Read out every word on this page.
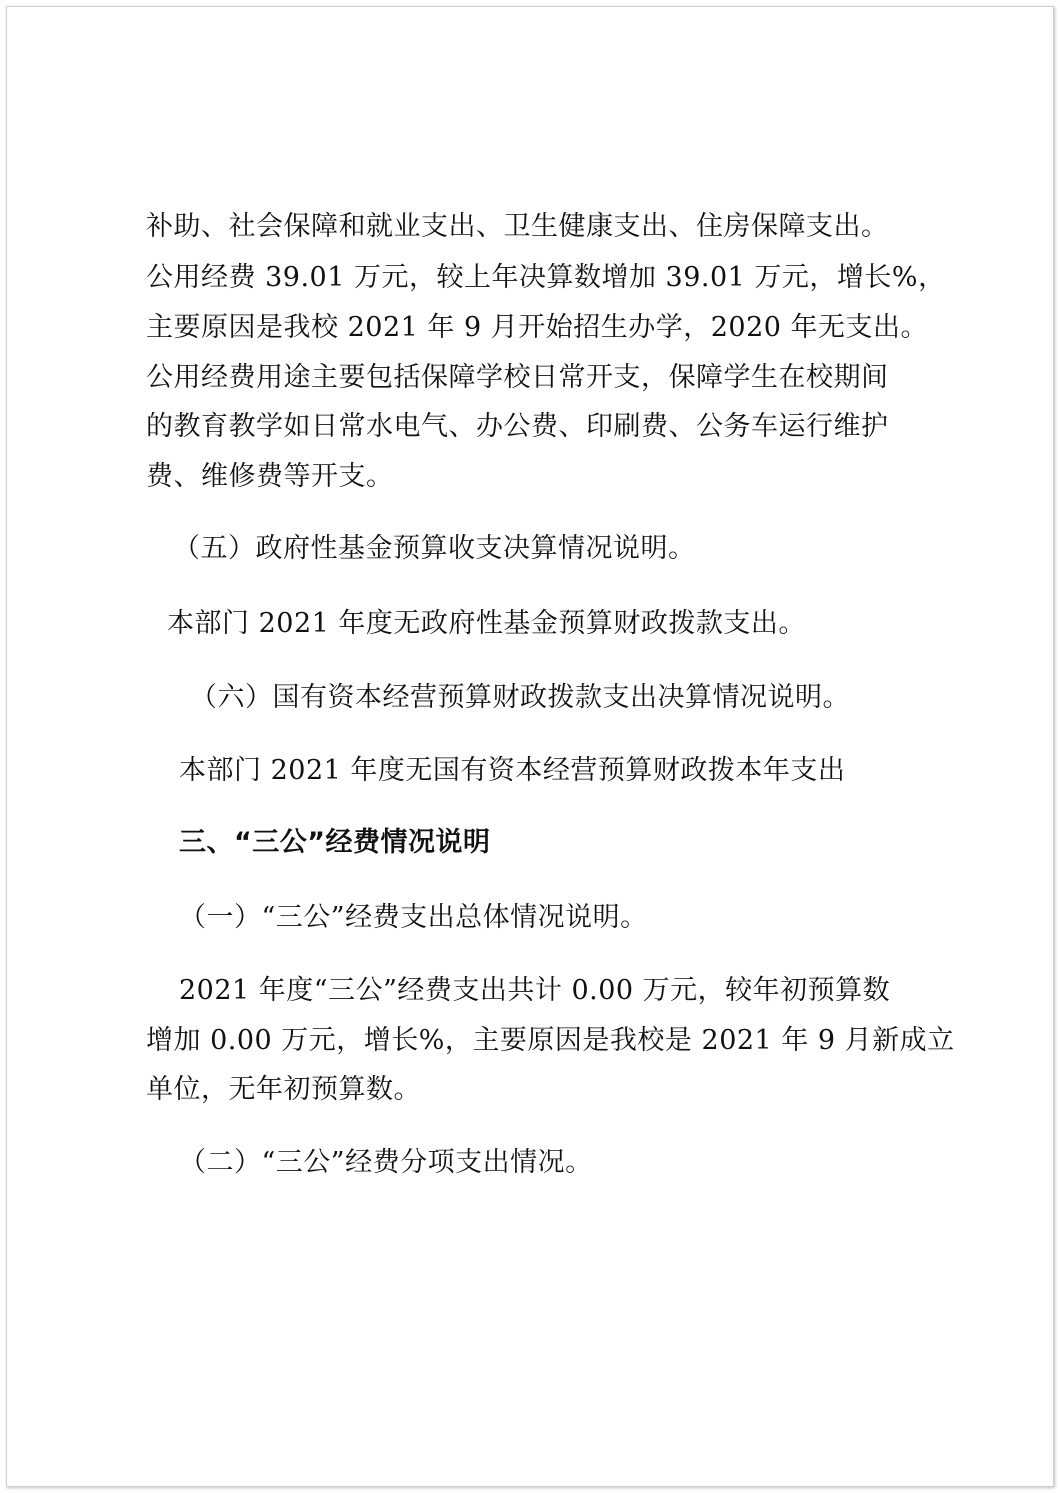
补助、社会保障和就业支出、卫生健康支出、住房保障支出。
公用经费 39.01 万元，较上年决算数增加 39.01 万元，增长%，
主要原因是我校 2021 年 9 月开始招生办学，2020 年无支出。
公用经费用途主要包括保障学校日常开支，保障学生在校期间
的教育教学如日常水电气、办公费、印刷费、公务车运行维护
费、维修费等开支。
（五）政府性基金预算收支决算情况说明。
本部门 2021 年度无政府性基金预算财政拨款支出。
（六）国有资本经营预算财政拨款支出决算情况说明。
本部门 2021 年度无国有资本经营预算财政拨本年支出
三、“三公”经费情况说明
（一）“三公”经费支出总体情况说明。
2021 年度“三公”经费支出共计 0.00 万元，较年初预算数
增加 0.00 万元，增长%，主要原因是我校是 2021 年 9 月新成立
单位，无年初预算数。
（二）“三公”经费分项支出情况。
